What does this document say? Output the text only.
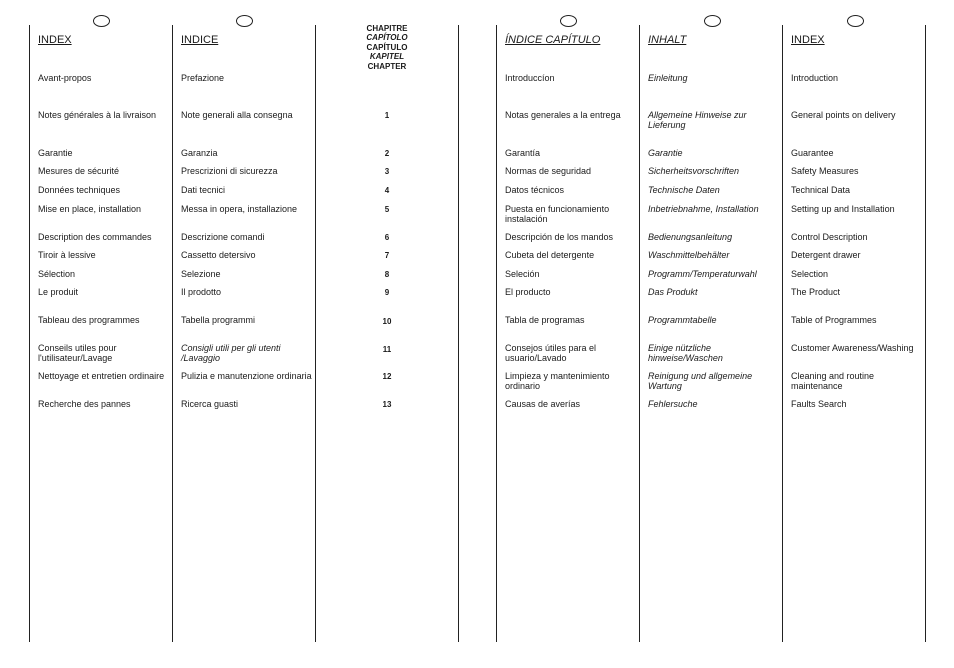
CHAPITRE
CAPÍTOLO
CAPÍTULO
KAPITEL
CHAPTER
1
2
3
4
5
6
7
8
9
10
11
12
13
INDEX
Avant-propos
Notes générales à la livraison
Garantie
Mesures de sécurité
Données techniques
Mise en place, installation
Description des commandes
Tiroir à lessive
Sélection
Le produit
Tableau des programmes
Conseils utiles pour l'utilisateur/Lavage
Nettoyage et entretien ordinaire
Recherche des pannes
INDICE
Prefazione
Note generali alla consegna
Garanzia
Prescrizioni di sicurezza
Dati tecnici
Messa in opera, installazione
Descrizione comandi
Cassetto detersivo
Selezione
Il prodotto
Tabella programmi
Consigli utili per gli utenti /Lavaggio
Pulizia e manutenzione ordinaria
Ricerca guasti
ÍNDICE CAPÍTULO
Introduccíon
Notas generales a la entrega
Garantía
Normas de seguridad
Datos técnicos
Puesta en funcionamiento instalación
Descripción de los mandos
Cubeta del detergente
Seleción
El producto
Tabla de programas
Consejos útiles para el usuario/Lavado
Limpieza y mantenimiento ordinario
Causas de averías
INHALT
Einleitung
Allgemeine Hinweise zur Lieferung
Garantie
Sicherheitsvorschriften
Technische Daten
Inbetriebnahme, Installation
Bedienungsanleitung
Waschmittelbehälter
Programm/Temperaturwahl
Das Produkt
Programmtabelle
Einige nützliche hinweise/Waschen
Reinigung und allgemeine Wartung
Fehlersuche
INDEX
Introduction
General points on delivery
Guarantee
Safety Measures
Technical Data
Setting up and Installation
Control Description
Detergent drawer
Selection
The Product
Table of Programmes
Customer Awareness/Washing
Cleaning and routine maintenance
Faults Search
